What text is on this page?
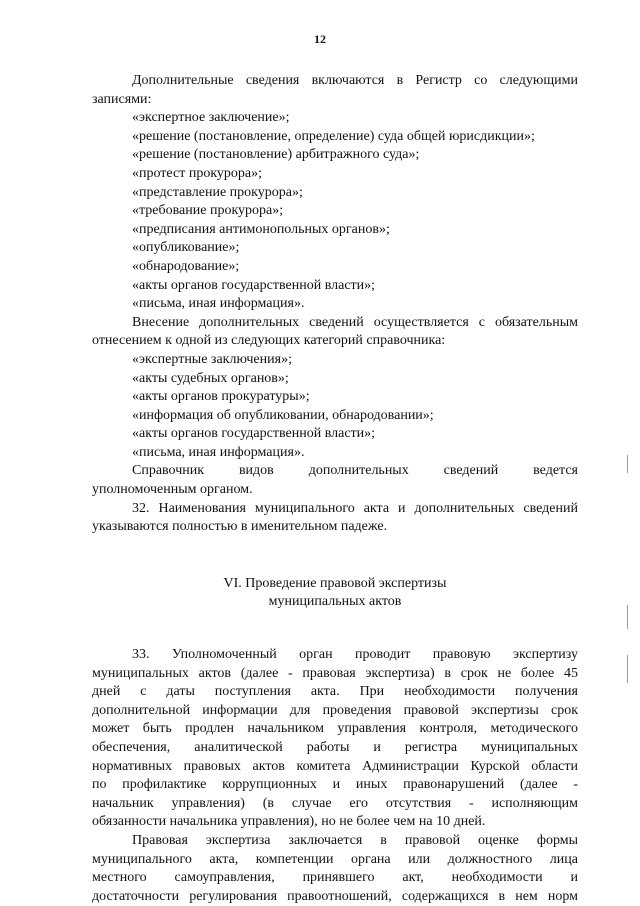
12
Дополнительные сведения включаются в Регистр со следующими
записями:
«экспертное заключение»;
«решение (постановление, определение) суда общей юрисдикции»;
«решение (постановление) арбитражного суда»;
«протест прокурора»;
«представление прокурора»;
«требование прокурора»;
«предписания антимонопольных органов»;
«опубликование»;
«обнародование»;
«акты органов государственной власти»;
«письма, иная информация».
Внесение дополнительных сведений осуществляется с обязательным
отнесением к одной из следующих категорий справочника:
«экспертные заключения»;
«акты судебных органов»;
«акты органов прокуратуры»;
«информация об опубликовании, обнародовании»;
«акты органов государственной власти»;
«письма, иная информация».
Справочник видов дополнительных сведений ведется
уполномоченным органом.
32. Наименования муниципального акта и дополнительных сведений
указываются полностью в именительном падеже.
VI. Проведение правовой экспертизы
муниципальных актов
33. Уполномоченный орган проводит правовую экспертизу
муниципальных актов (далее - правовая экспертиза) в срок не более 45
дней с даты поступления акта. При необходимости получения
дополнительной информации для проведения правовой экспертизы срок
может быть продлен начальником управления контроля, методического
обеспечения, аналитической работы и регистра муниципальных
нормативных правовых актов комитета Администрации Курской области
по профилактике коррупционных и иных правонарушений (далее -
начальник управления) (в случае его отсутствия - исполняющим
обязанности начальника управления), но не более чем на 10 дней.
Правовая экспертиза заключается в правовой оценке формы
муниципального акта, компетенции органа или должностного лица
местного самоуправления, принявшего акт, необходимости и
достаточности регулирования правоотношений, содержащихся в нем норм
